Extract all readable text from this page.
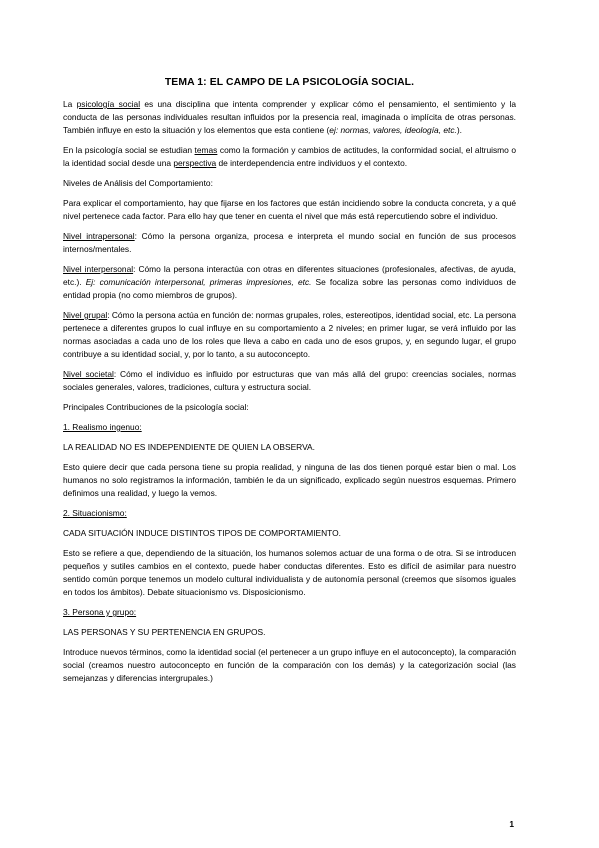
TEMA 1: EL CAMPO DE LA PSICOLOGÍA SOCIAL.

La psicología social es una disciplina que intenta comprender y explicar cómo el pensamiento, el sentimiento y la conducta de las personas individuales resultan influidos por la presencia real, imaginada o implícita de otras personas. También influye en esto la situación y los elementos que esta contiene (ej: normas, valores, ideología, etc.).

En la psicología social se estudian temas como la formación y cambios de actitudes, la conformidad social, el altruismo o la identidad social desde una perspectiva de interdependencia entre individuos y el contexto.

Niveles de Análisis del Comportamiento:

Para explicar el comportamiento, hay que fijarse en los factores que están incidiendo sobre la conducta concreta, y a qué nivel pertenece cada factor. Para ello hay que tener en cuenta el nivel que más está repercutiendo sobre el individuo.

Nivel intrapersonal: Cómo la persona organiza, procesa e interpreta el mundo social en función de sus procesos internos/mentales.

Nivel interpersonal: Cómo la persona interactúa con otras en diferentes situaciones (profesionales, afectivas, de ayuda, etc.). Ej: comunicación interpersonal, primeras impresiones, etc. Se focaliza sobre las personas como individuos de entidad propia (no como miembros de grupos).

Nivel grupal: Cómo la persona actúa en función de: normas grupales, roles, estereotipos, identidad social, etc. La persona pertenece a diferentes grupos lo cual influye en su comportamiento a 2 niveles; en primer lugar, se verá influido por las normas asociadas a cada uno de los roles que lleva a cabo en cada uno de esos grupos, y, en segundo lugar, el grupo contribuye a su identidad social, y, por lo tanto, a su autoconcepto.

Nivel societal: Cómo el individuo es influido por estructuras que van más allá del grupo: creencias sociales, normas sociales generales, valores, tradiciones, cultura y estructura social.

Principales Contribuciones de la psicología social:

1. Realismo ingenuo:

LA REALIDAD NO ES INDEPENDIENTE DE QUIEN LA OBSERVA.

Esto quiere decir que cada persona tiene su propia realidad, y ninguna de las dos tienen porqué estar bien o mal. Los humanos no solo registramos la información, también le da un significado, explicado según nuestros esquemas. Primero definimos una realidad, y luego la vemos.

2. Situacionismo:

CADA SITUACIÓN INDUCE DISTINTOS TIPOS DE COMPORTAMIENTO.

Esto se refiere a que, dependiendo de la situación, los humanos solemos actuar de una forma o de otra. Si se introducen pequeños y sutiles cambios en el contexto, puede haber conductas diferentes. Esto es difícil de asimilar para nuestro sentido común porque tenemos un modelo cultural individualista y de autonomía personal (creemos que sísomos iguales en todos los ámbitos). Debate situacionismo vs. Disposicionismo.

3. Persona y grupo:

LAS PERSONAS Y SU PERTENENCIA EN GRUPOS.

Introduce nuevos términos, como la identidad social (el pertenecer a un grupo influye en el autoconcepto), la comparación social (creamos nuestro autoconcepto en función de la comparación con los demás) y la categorización social (las semejanzas y diferencias intergrupales.)

1
